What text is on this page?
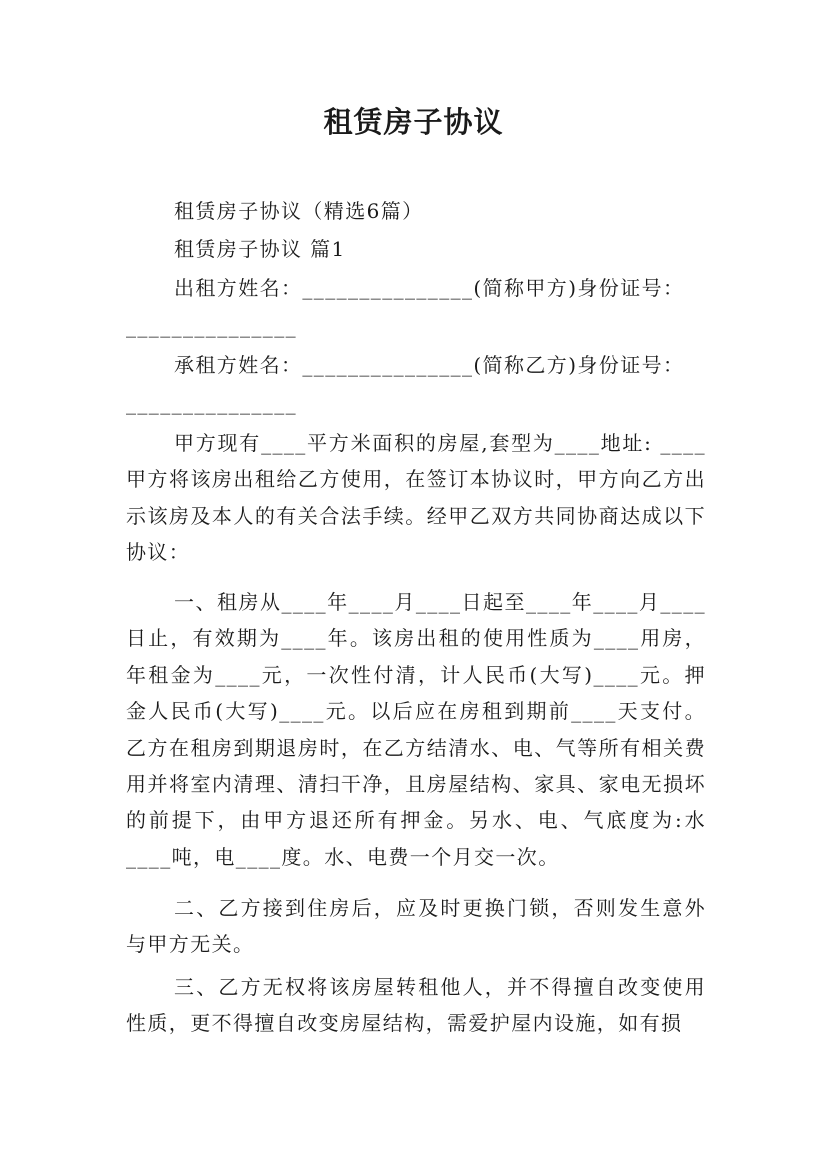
租赁房子协议
租赁房子协议（精选6篇）
租赁房子协议 篇1
出租方姓名：_______________(简称甲方)身份证号：
_______________
承租方姓名：_______________(简称乙方)身份证号：
_______________

甲方现有____平方米面积的房屋,套型为____地址: ____甲方将该房出租给乙方使用，在签订本协议时，甲方向乙方出示该房及本人的有关合法手续。经甲乙双方共同协商达成以下协议：

一、租房从____年____月____日起至____年____月____日止，有效期为____年。该房出租的使用性质为____用房，年租金为____元，一次性付清，计人民币(大写)____元。押金人民币(大写)____元。以后应在房租到期前____天支付。乙方在租房到期退房时，在乙方结清水、电、气等所有相关费用并将室内清理、清扫干净，且房屋结构、家具、家电无损坏的前提下，由甲方退还所有押金。另水、电、气底度为:水____吨，电____度。水、电费一个月交一次。

二、乙方接到住房后，应及时更换门锁，否则发生意外与甲方无关。

三、乙方无权将该房屋转租他人，并不得擅自改变使用性质，更不得擅自改变房屋结构，需爱护屋内设施，如有损
